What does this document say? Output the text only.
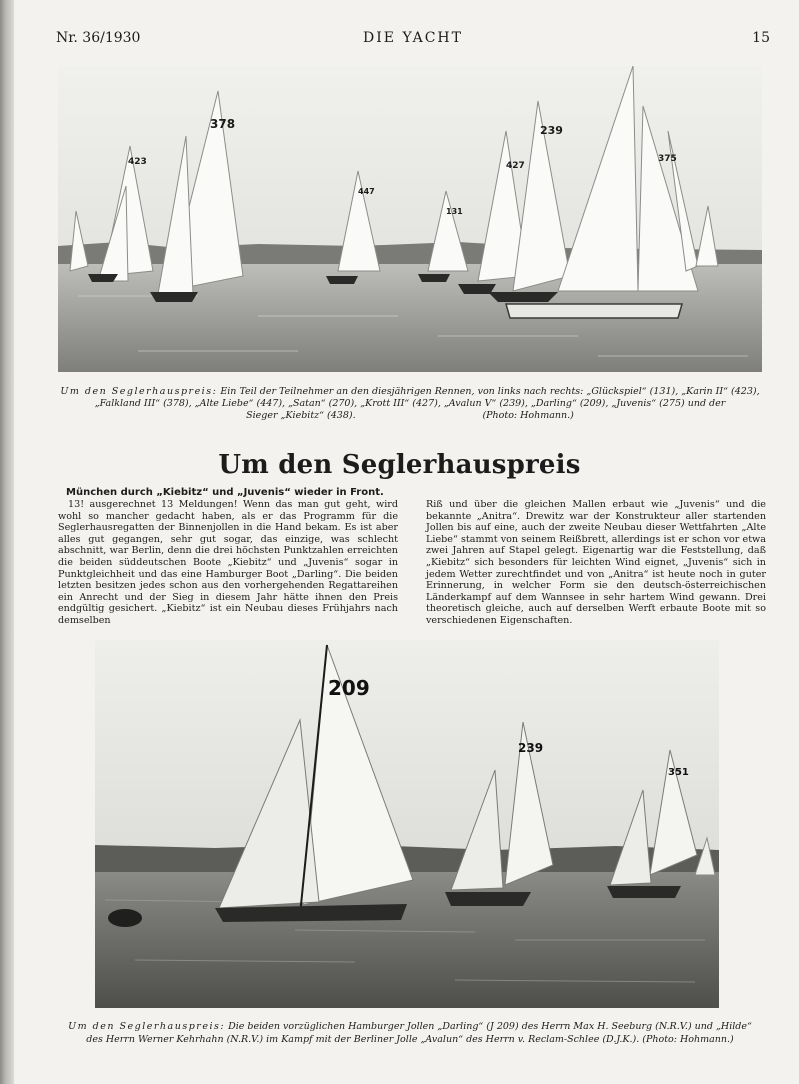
Nr. 36/1930	DIE YACHT	15
378
423
447
239
427
375
131
Um den Seglerhauspreis: Ein Teil der Teilnehmer an den diesjährigen Rennen, von links nach rechts: „Glückspiel“ (131), „Karin II“ (423),
„Falkland III“ (378), „Alte Liebe“ (447), „Satan“ (270), „Krott III“ (427), „Avalun V“ (239), „Darling“ (209), „Juvenis“ (275) und der
Sieger „Kiebitz“ (438).	(Photo: Hohmann.)
Um den Seglerhauspreis
München durch „Kiebitz“ und „Juvenis“ wieder in Front.

13! ausgerechnet 13 Meldungen! Wenn das man gut geht, wird wohl so mancher gedacht haben, als er das Programm für die Seglerhausregatten der Binnenjollen in die Hand bekam. Es ist aber alles gut gegangen, sehr gut sogar, das einzige, was schlecht abschnitt, war Berlin, denn die drei höchsten Punktzahlen erreichten die beiden süddeutschen Boote „Kiebitz“ und „Juvenis“ sogar in Punktgleichheit und das eine Hamburger Boot „Darling“. Die beiden letzten besitzen jedes schon aus den vorhergehenden Regattareihen ein Anrecht und der Sieg in diesem Jahr hätte ihnen den Preis endgültig gesichert. „Kiebitz“ ist ein Neubau dieses Frühjahrs nach demselben

Riß und über die gleichen Mallen erbaut wie „Juvenis“ und die bekannte „Anitra“. Drewitz war der Konstrukteur aller startenden Jollen bis auf eine, auch der zweite Neubau dieser Wettfahrten „Alte Liebe“ stammt von seinem Reißbrett, allerdings ist er schon vor etwa zwei Jahren auf Stapel gelegt. Eigenartig war die Feststellung, daß „Kiebitz“ sich besonders für leichten Wind eignet, „Juvenis“ sich in jedem Wetter zurechtfindet und von „Anitra“ ist heute noch in guter Erinnerung, in welcher Form sie den deutsch-österreichischen Länderkampf auf dem Wannsee in sehr hartem Wind gewann. Drei theoretisch gleiche, auch auf derselben Werft erbaute Boote mit so verschiedenen Eigenschaften.

209
239
351
Um den Seglerhauspreis: Die beiden vorzüglichen Hamburger Jollen „Darling“ (J 209) des Herrn Max H. Seeburg (N.R.V.) und „Hilde“ des Herrn Werner Kehrhahn (N.R.V.) im Kampf mit der Berliner Jolle „Avalun“ des Herrn v. Reclam-Schlee (D.J.K.). (Photo: Hohmann.)
